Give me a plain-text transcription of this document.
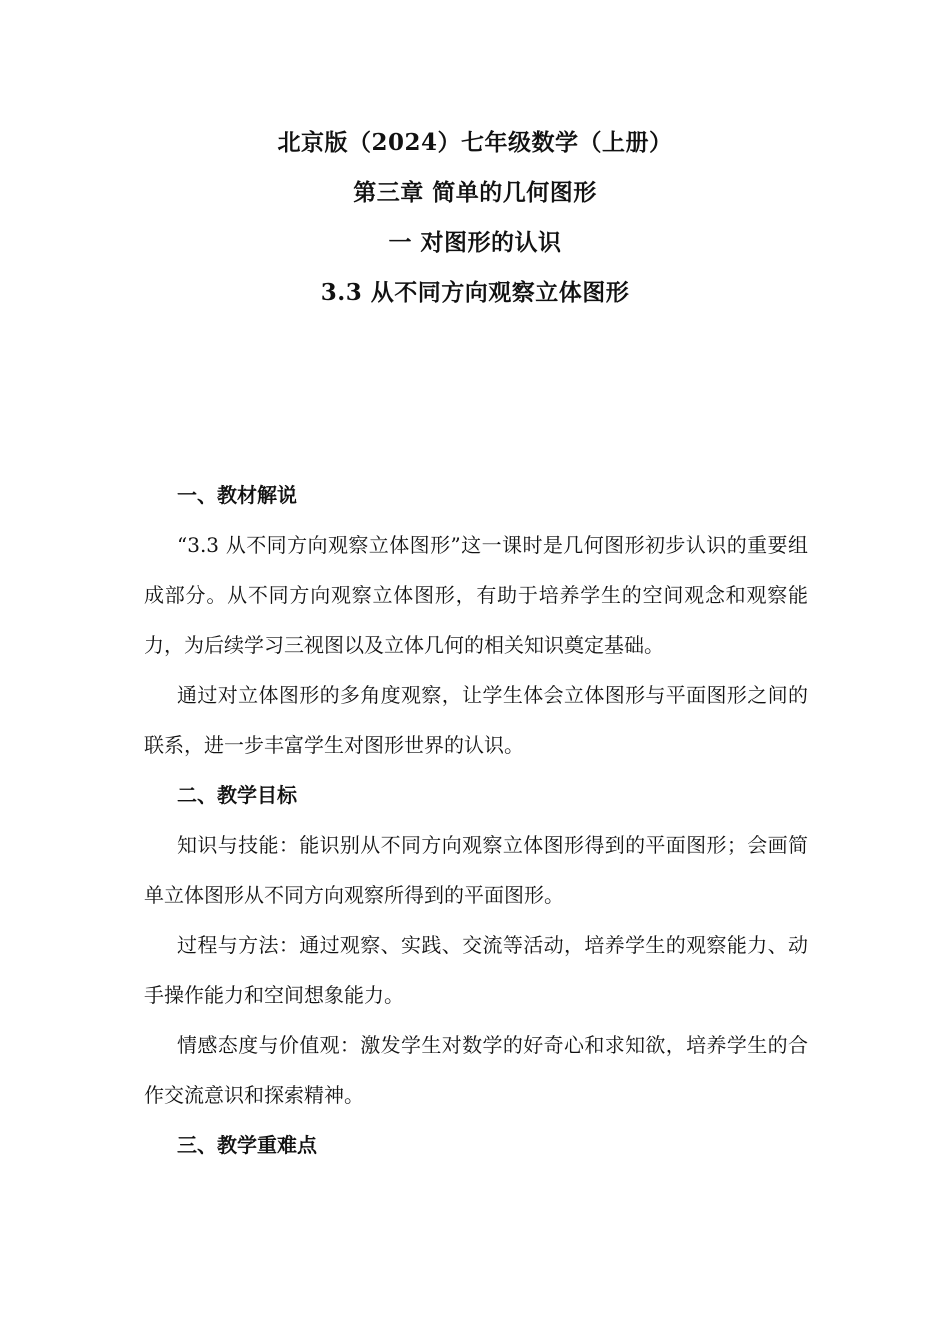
北京版（2024）七年级数学（上册）
第三章 简单的几何图形
一 对图形的认识
3.3 从不同方向观察立体图形

一、教材解说

“3.3 从不同方向观察立体图形”这一课时是几何图形初步认识的重要组成部分。从不同方向观察立体图形，有助于培养学生的空间观念和观察能力，为后续学习三视图以及立体几何的相关知识奠定基础。

通过对立体图形的多角度观察，让学生体会立体图形与平面图形之间的联系，进一步丰富学生对图形世界的认识。

二、教学目标

知识与技能：能识别从不同方向观察立体图形得到的平面图形；会画简单立体图形从不同方向观察所得到的平面图形。

过程与方法：通过观察、实践、交流等活动，培养学生的观察能力、动手操作能力和空间想象能力。

情感态度与价值观：激发学生对数学的好奇心和求知欲，培养学生的合作交流意识和探索精神。

三、教学重难点
